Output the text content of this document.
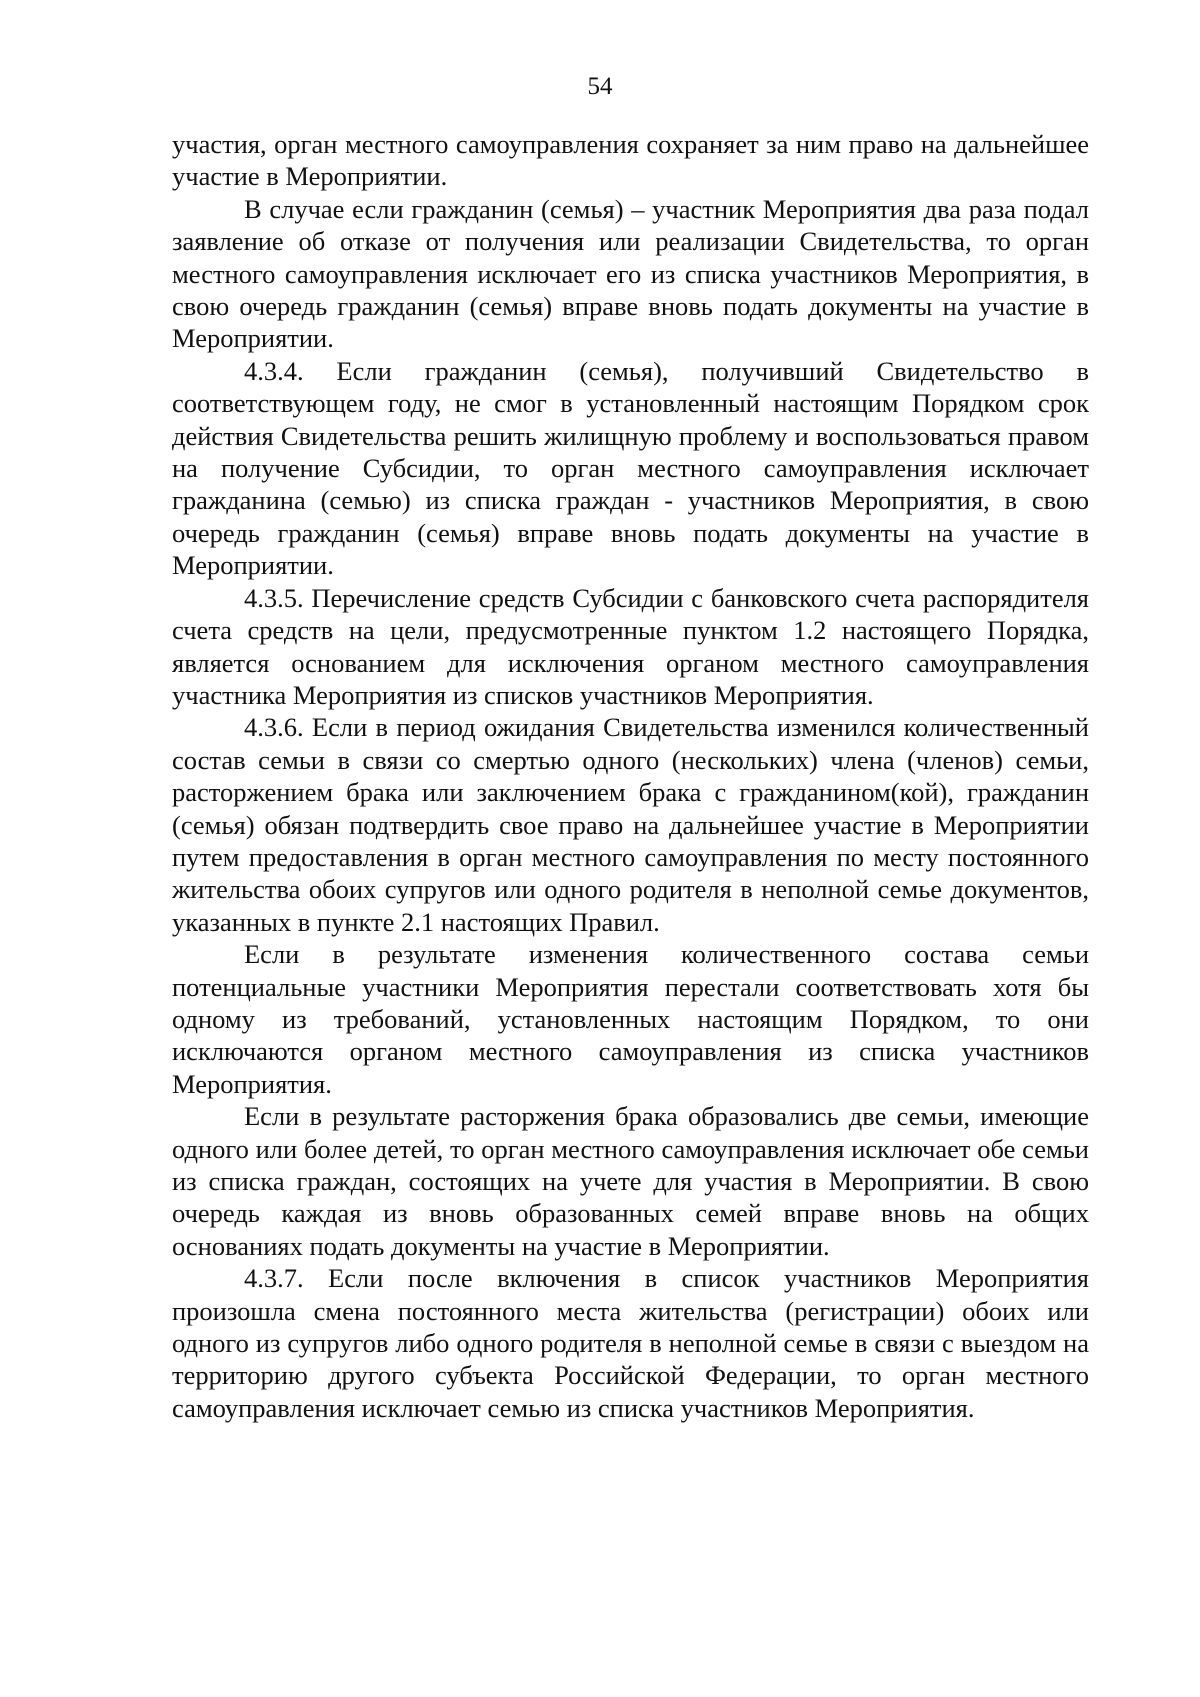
54

участия, орган местного самоуправления сохраняет за ним право на дальнейшее участие в Мероприятии.

В случае если гражданин (семья) – участник Мероприятия два раза подал заявление об отказе от получения или реализации Свидетельства, то орган местного самоуправления исключает его из списка участников Мероприятия, в свою очередь гражданин (семья) вправе вновь подать документы на участие в Мероприятии.

4.3.4. Если гражданин (семья), получивший Свидетельство в соответствующем году, не смог в установленный настоящим Порядком срок действия Свидетельства решить жилищную проблему и воспользоваться правом на получение Субсидии, то орган местного самоуправления исключает гражданина (семью) из списка граждан - участников Мероприятия, в свою очередь гражданин (семья) вправе вновь подать документы на участие в Мероприятии.

4.3.5. Перечисление средств Субсидии с банковского счета распорядителя счета средств на цели, предусмотренные пунктом 1.2 настоящего Порядка, является основанием для исключения органом местного самоуправления участника Мероприятия из списков участников Мероприятия.

4.3.6. Если в период ожидания Свидетельства изменился количественный состав семьи в связи со смертью одного (нескольких) члена (членов) семьи, расторжением брака или заключением брака с гражданином(кой), гражданин (семья) обязан подтвердить свое право на дальнейшее участие в Мероприятии путем предоставления в орган местного самоуправления по месту постоянного жительства обоих супругов или одного родителя в неполной семье документов, указанных в пункте 2.1 настоящих Правил.

Если в результате изменения количественного состава семьи потенциальные участники Мероприятия перестали соответствовать хотя бы одному из требований, установленных настоящим Порядком, то они исключаются органом местного самоуправления из списка участников Мероприятия.

Если в результате расторжения брака образовались две семьи, имеющие одного или более детей, то орган местного самоуправления исключает обе семьи из списка граждан, состоящих на учете для участия в Мероприятии. В свою очередь каждая из вновь образованных семей вправе вновь на общих основаниях подать документы на участие в Мероприятии.

4.3.7. Если после включения в список участников Мероприятия произошла смена постоянного места жительства (регистрации) обоих или одного из супругов либо одного родителя в неполной семье в связи с выездом на территорию другого субъекта Российской Федерации, то орган местного самоуправления исключает семью из списка участников Мероприятия.
